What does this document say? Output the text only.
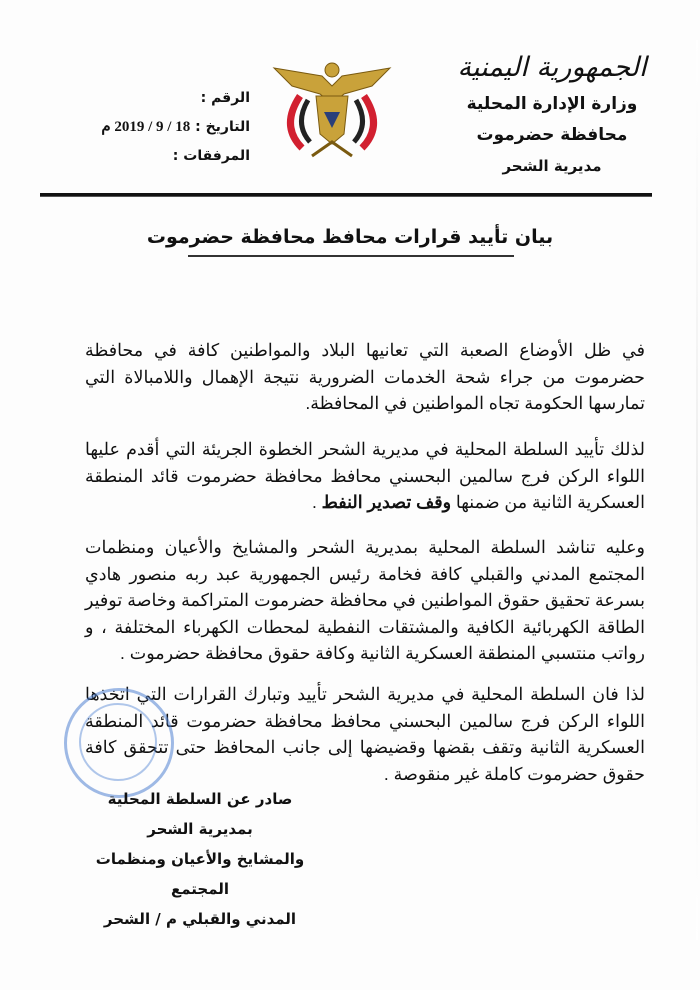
الجمهورية اليمنية
وزارة الإدارة المحلية
محافظة حضرموت
مديرية الشحر
الرقم :
التاريخ : 18 / 9 / 2019 م
المرفقات :
بيان تأييد قرارات محافظ محافظة حضرموت
في ظل الأوضاع الصعبة التي تعانيها البلاد والمواطنين كافة في محافظة حضرموت من جراء شحة الخدمات الضرورية نتيجة الإهمال واللامبالاة التي تمارسها الحكومة تجاه المواطنين في المحافظة.
لذلك تأييد السلطة المحلية في مديرية الشحر الخطوة الجريئة التي أقدم عليها اللواء الركن فرج سالمين البحسني محافظ محافظة حضرموت قائد المنطقة العسكرية الثانية من ضمنها وقف تصدير النفط .
وعليه تناشد السلطة المحلية بمديرية الشحر والمشايخ والأعيان ومنظمات المجتمع المدني والقبلي كافة فخامة رئيس الجمهورية عبد ربه منصور هادي بسرعة تحقيق حقوق المواطنين في محافظة حضرموت المتراكمة وخاصة توفير الطاقة الكهربائية الكافية والمشتقات النفطية لمحطات الكهرباء المختلفة ، و رواتب منتسبي المنطقة العسكرية الثانية وكافة حقوق محافظة حضرموت .
لذا فان السلطة المحلية في مديرية الشحر تأييد وتبارك القرارات التي اتخذها اللواء الركن فرج سالمين البحسني محافظ محافظة حضرموت قائد المنطقة العسكرية الثانية وتقف بقضها وقضيضها إلى جانب المحافظ حتى تتحقق كافة حقوق حضرموت كاملة غير منقوصة .
صادر عن السلطة المحلية بمديرية الشحر
والمشايخ والأعيان ومنظمات المجتمع
المدني والقبلي م / الشحر
